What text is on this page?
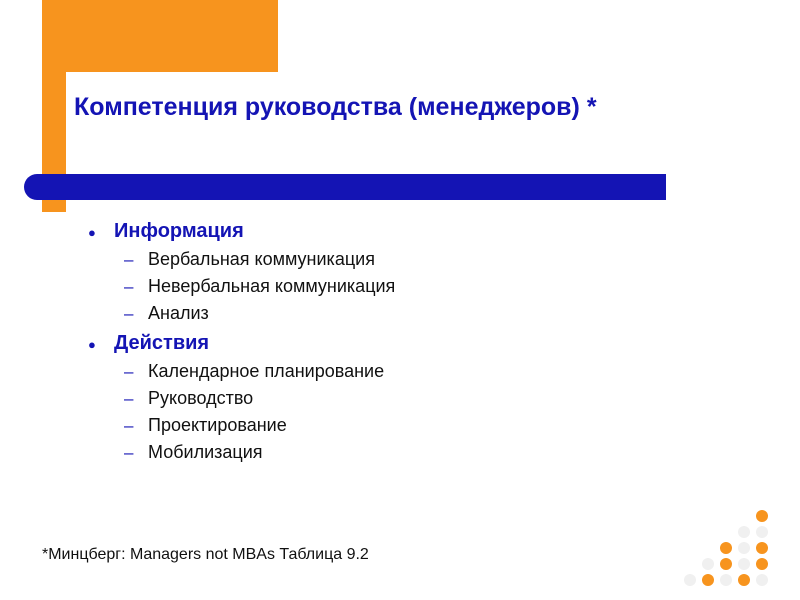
Компетенция руководства (менеджеров) *
● Информация
– Вербальная коммуникация
– Невербальная коммуникация
– Анализ
● Действия
– Календарное планирование
– Руководство
– Проектирование
– Мобилизация
*Минцберг: Managers not MBAs Таблица 9.2
